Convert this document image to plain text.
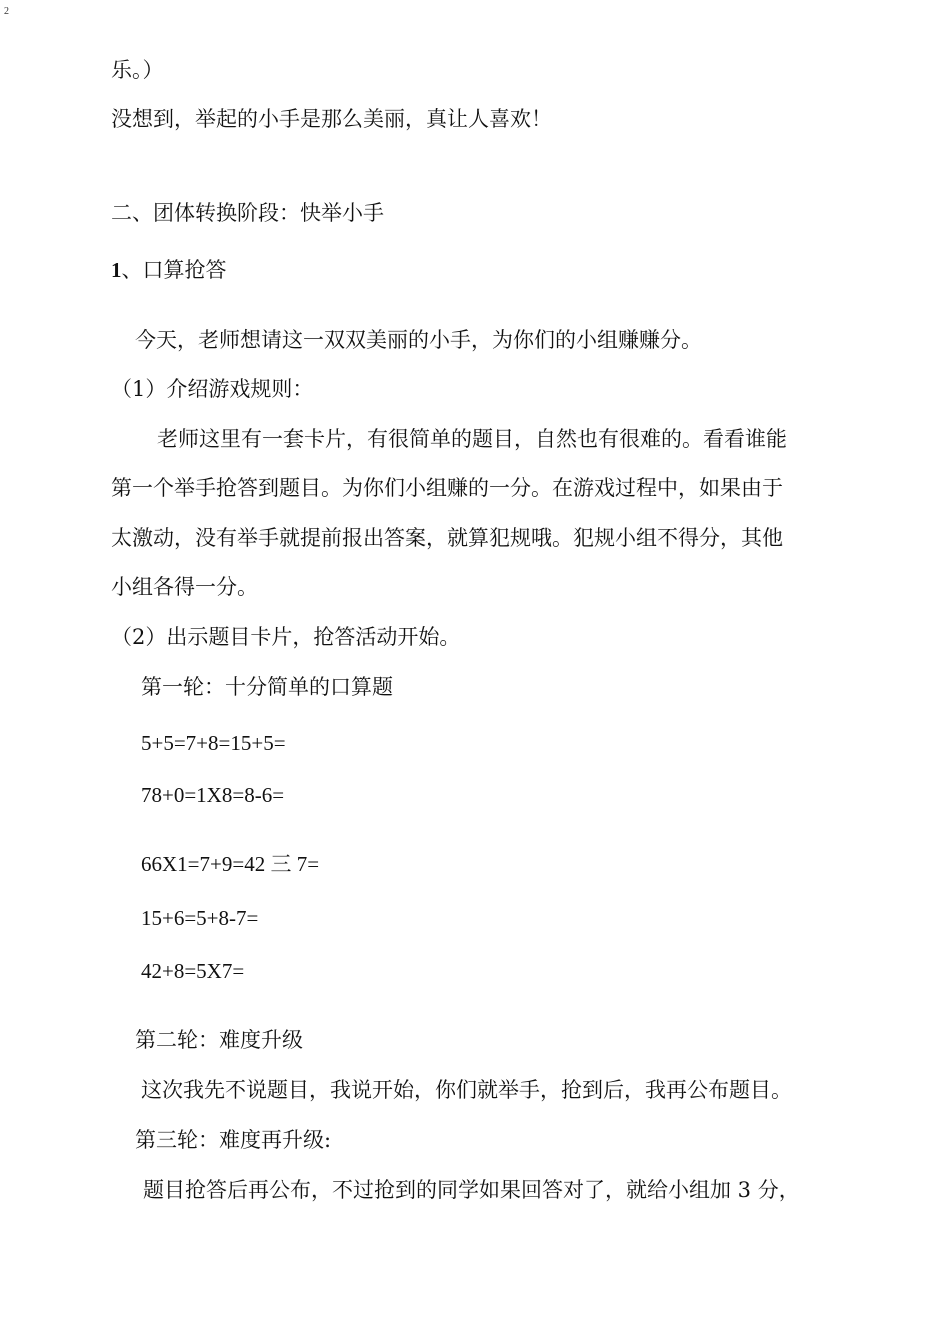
2
乐。）
没想到，举起的小手是那么美丽，真让人喜欢！
二、团体转换阶段：快举小手
1、口算抢答
今天，老师想请这一双双美丽的小手，为你们的小组赚赚分。
（1）介绍游戏规则：
老师这里有一套卡片，有很简单的题目，自然也有很难的。看看谁能
第一个举手抢答到题目。为你们小组赚的一分。在游戏过程中，如果由于
太激动，没有举手就提前报出答案，就算犯规哦。犯规小组不得分，其他
小组各得一分。
（2）出示题目卡片，抢答活动开始。
第一轮：十分简单的口算题
5+5=7+8=15+5=
78+0=1X8=8-6=
66X1=7+9=42 三 7=
15+6=5+8-7=
42+8=5X7=
第二轮：难度升级
这次我先不说题目，我说开始，你们就举手，抢到后，我再公布题目。
第三轮：难度再升级:
题目抢答后再公布，不过抢到的同学如果回答对了，就给小组加 3 分，
